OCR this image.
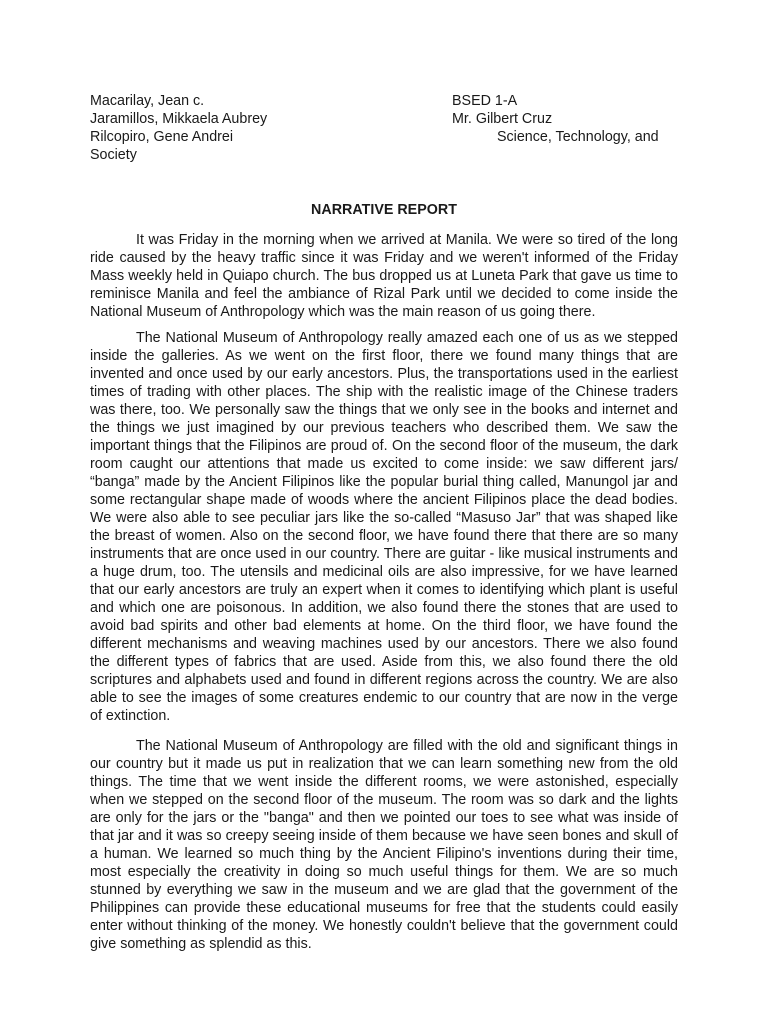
Macarilay, Jean c.
Jaramillos, Mikkaela Aubrey
Rilcopiro, Gene Andrei
Society
BSED 1-A
Mr. Gilbert Cruz
Science, Technology, and
NARRATIVE REPORT

It was Friday in the morning when we arrived at Manila. We were so tired of the long ride caused by the heavy traffic since it was Friday and we weren't informed of the Friday Mass weekly held in Quiapo church. The bus dropped us at Luneta Park that gave us time to reminisce Manila and feel the ambiance of Rizal Park until we decided to come inside the National Museum of Anthropology which was the main reason of us going there.

The National Museum of Anthropology really amazed each one of us as we stepped inside the galleries. As we went on the first floor, there we found many things that are invented and once used by our early ancestors. Plus, the transportations used in the earliest times of trading with other places. The ship with the realistic image of the Chinese traders was there, too. We personally saw the things that we only see in the books and internet and the things we just imagined by our previous teachers who described them. We saw the important things that the Filipinos are proud of. On the second floor of the museum, the dark room caught our attentions that made us excited to come inside: we saw different jars/ “banga” made by the Ancient Filipinos like the popular burial thing called, Manungol jar and some rectangular shape made of woods where the ancient Filipinos place the dead bodies. We were also able to see peculiar jars like the so-called “Masuso Jar” that was shaped like the breast of women. Also on the second floor, we have found there that there are so many instruments that are once used in our country. There are guitar - like musical instruments and a huge drum, too. The utensils and medicinal oils are also impressive, for we have learned that our early ancestors are truly an expert when it comes to identifying which plant is useful and which one are poisonous. In addition, we also found there the stones that are used to avoid bad spirits and other bad elements at home. On the third floor, we have found the different mechanisms and weaving machines used by our ancestors. There we also found the different types of fabrics that are used. Aside from this, we also found there the old scriptures and alphabets used and found in different regions across the country. We are also able to see the images of some creatures endemic to our country that are now in the verge of extinction.

The National Museum of Anthropology are filled with the old and significant things in our country but it made us put in realization that we can learn something new from the old things. The time that we went inside the different rooms, we were astonished, especially when we stepped on the second floor of the museum. The room was so dark and the lights are only for the jars or the "banga" and then we pointed our toes to see what was inside of that jar and it was so creepy seeing inside of them because we have seen bones and skull of a human. We learned so much thing by the Ancient Filipino's inventions during their time, most especially the creativity in doing so much useful things for them. We are so much stunned by everything we saw in the museum and we are glad that the government of the Philippines can provide these educational museums for free that the students could easily enter without thinking of the money. We honestly couldn't believe that the government could give something as splendid as this.
